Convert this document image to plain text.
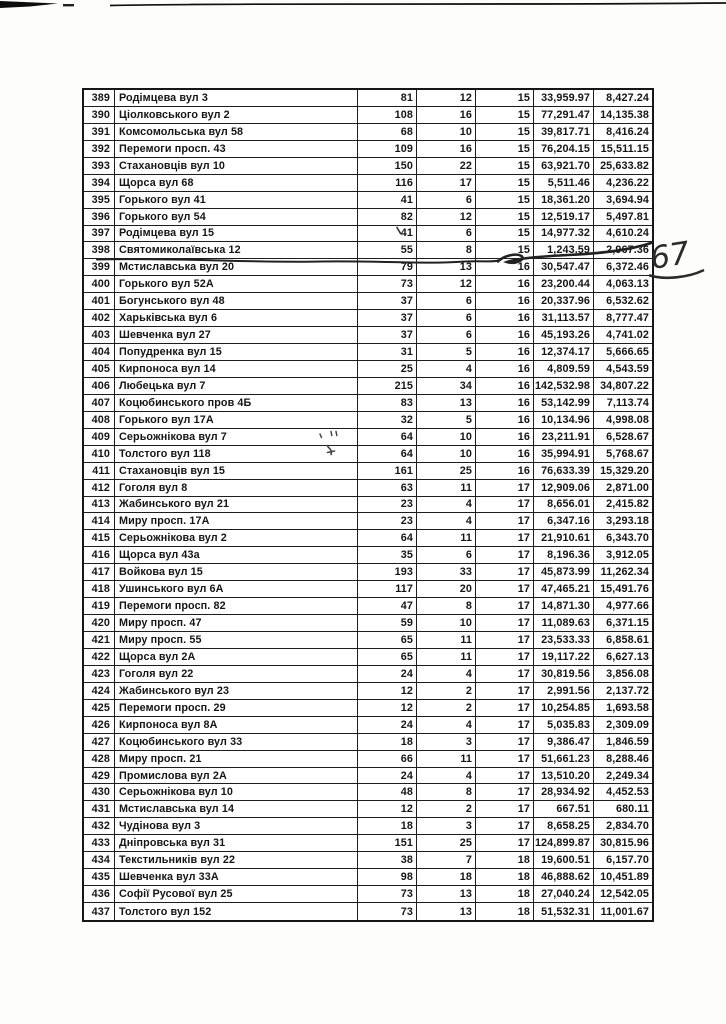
389 Родімцева вул 3	81	12	15	33,959.97	8,427.24
390 Ціолковського вул 2	108	16	15	77,291.47 14,135.38
391 Комсомольська вул 58	68	10	15	39,817.71	8,416.24
392 Перемоги просп. 43	109	16	15	76,204.15 15,511.15
393 Стахановців вул 10	150	22	15	63,921.70 25,633.82
394 Щорса вул 68	116	17	15	5,511.46	4,236.22
395 Горького вул 41	41	6	15	18,361.20	3,694.94
396 Горького вул 54	82	12	15	12,519.17	5,497.81
397 Родімцева вул 15	41	6	15	14,977.32	4,610.24
398 Святомиколаївська 12	55	8	15	1,243.59	2,967.36
399 Мстиславська вул 20	79	13	16	30,547.47	6,372.46
400 Горького вул 52А	73	12	16	23,200.44	4,063.13
401 Богунського вул 48	37	6	16	20,337.96	6,532.62
402 Харьківська вул 6	37	6	16	31,113.57	8,777.47
403 Шевченка вул 27	37	6	16	45,193.26	4,741.02
404 Попудренка вул 15	31	5	16	12,374.17	5,666.65
405 Кирпоноса вул 14	25	4	16	4,809.59	4,543.59
406 Любецька вул 7	215	34	16 142,532.98 34,807.22
407 Коцюбинського пров 4Б	83	13	16	53,142.99	7,113.74
408 Горького вул 17А	32	5	16	10,134.96	4,998.08
409 Серьожнікова вул 7	64	10	16	23,211.91	6,528.67
410 Толстого вул 118	64	10	16	35,994.91	5,768.67
411 Стахановців вул 15	161	25	16	76,633.39 15,329.20
412 Гоголя вул 8	63	11	17	12,909.06	2,871.00
413 Жабинського вул 21	23	4	17	8,656.01	2,415.82
414 Миру просп. 17А	23	4	17	6,347.16	3,293.18
415 Серьожнікова вул 2	64	11	17	21,910.61	6,343.70
416 Щорса вул 43а	35	6	17	8,196.36	3,912.05
417 Войкова вул 15	193	33	17	45,873.99 11,262.34
418 Ушинського вул 6А	117	20	17	47,465.21 15,491.76
419 Перемоги просп. 82	47	8	17	14,871.30	4,977.66
420 Миру просп. 47	59	10	17	11,089.63	6,371.15
421 Миру просп. 55	65	11	17	23,533.33	6,858.61
422 Щорса вул 2А	65	11	17	19,117.22	6,627.13
423 Гоголя вул 22	24	4	17	30,819.56	3,856.08
424 Жабинського вул 23	12	2	17	2,991.56	2,137.72
425 Перемоги просп. 29	12	2	17	10,254.85	1,693.58
426 Кирпоноса вул 8А	24	4	17	5,035.83	2,309.09
427 Коцюбинського вул 33	18	3	17	9,386.47	1,846.59
428 Миру просп. 21	66	11	17	51,661.23	8,288.46
429 Промислова вул 2А	24	4	17	13,510.20	2,249.34
430 Серьожнікова вул 10	48	8	17	28,934.92	4,452.53
431 Мстиславська вул 14	12	2	17	667.51	680.11
432 Чудінова вул 3	18	3	17	8,658.25	2,834.70
433 Дніпровська вул 31	151	25	17 124,899.87 30,815.96
434 Текстильників вул 22	38	7	18	19,600.51	6,157.70
435 Шевченка вул 33А	98	18	18	46,888.62 10,451.89
436 Софії Русової вул 25	73	13	18	27,040.24 12,542.05
437 Толстого вул 152	73	13	18	51,532.31 11,001.67
67
